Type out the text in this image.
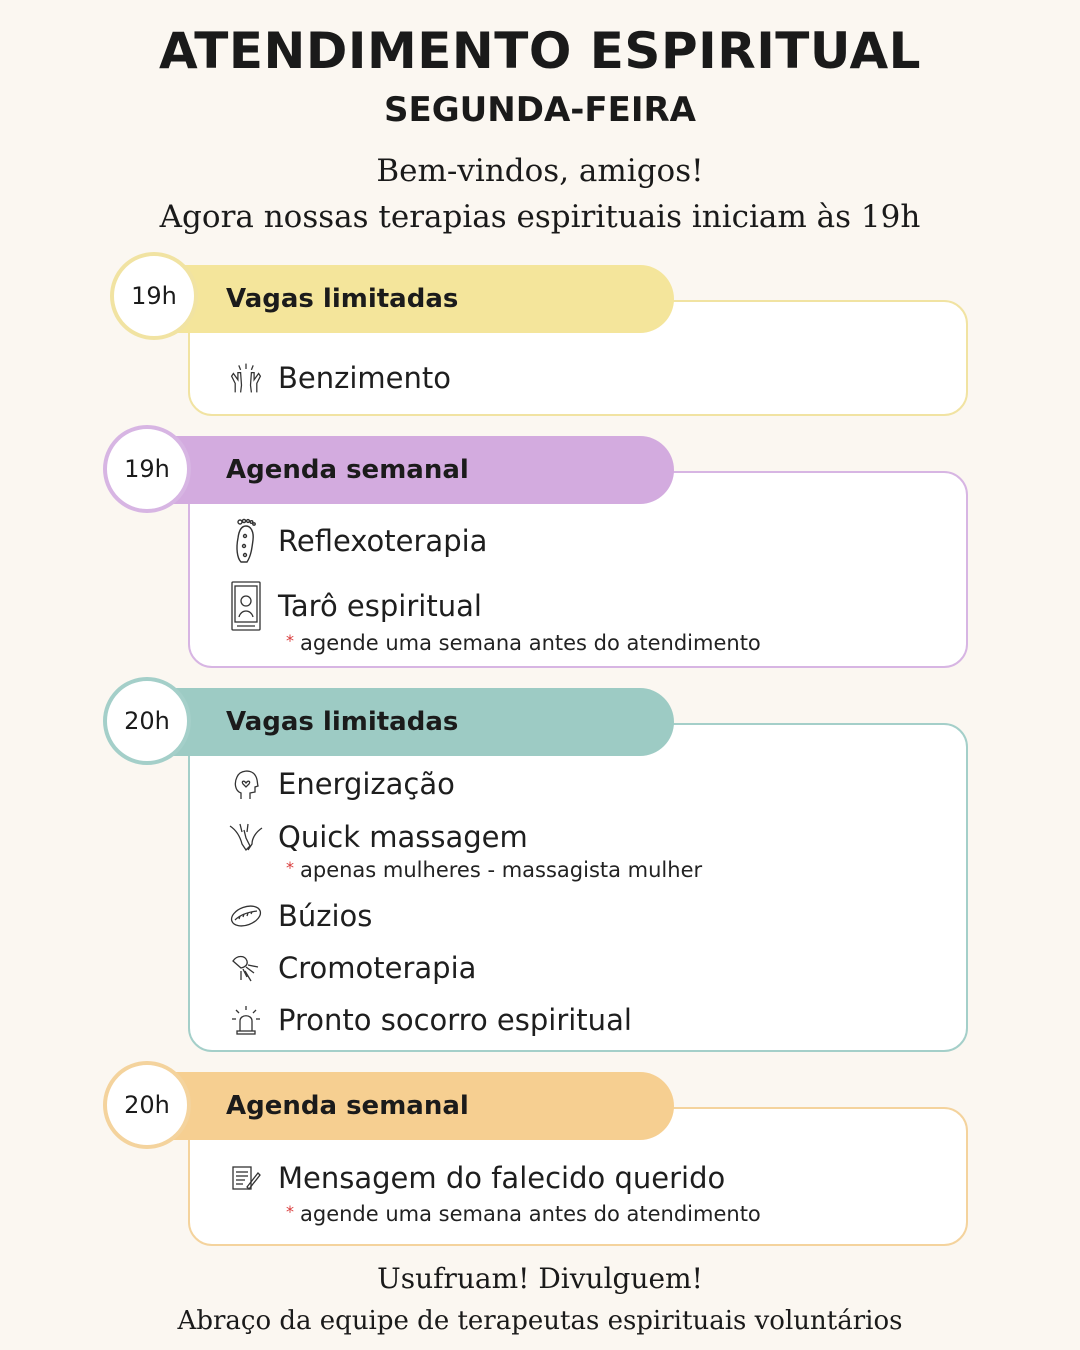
ATENDIMENTO ESPIRITUAL
SEGUNDA-FEIRA
Bem-vindos, amigos!
Agora nossas terapias espirituais iniciam às 19h
Vagas limitadas
19h
Benzimento
Agenda semanal
19h
Reflexoterapia
Tarô espiritual
* agende uma semana antes do atendimento
Vagas limitadas
20h
Energização
Quick massagem
* apenas mulheres - massagista mulher
Búzios
Cromoterapia
Pronto socorro espiritual
Agenda semanal
20h
Mensagem do falecido querido
* agende uma semana antes do atendimento
Usufruam! Divulguem!
Abraço da equipe de terapeutas espirituais voluntários
